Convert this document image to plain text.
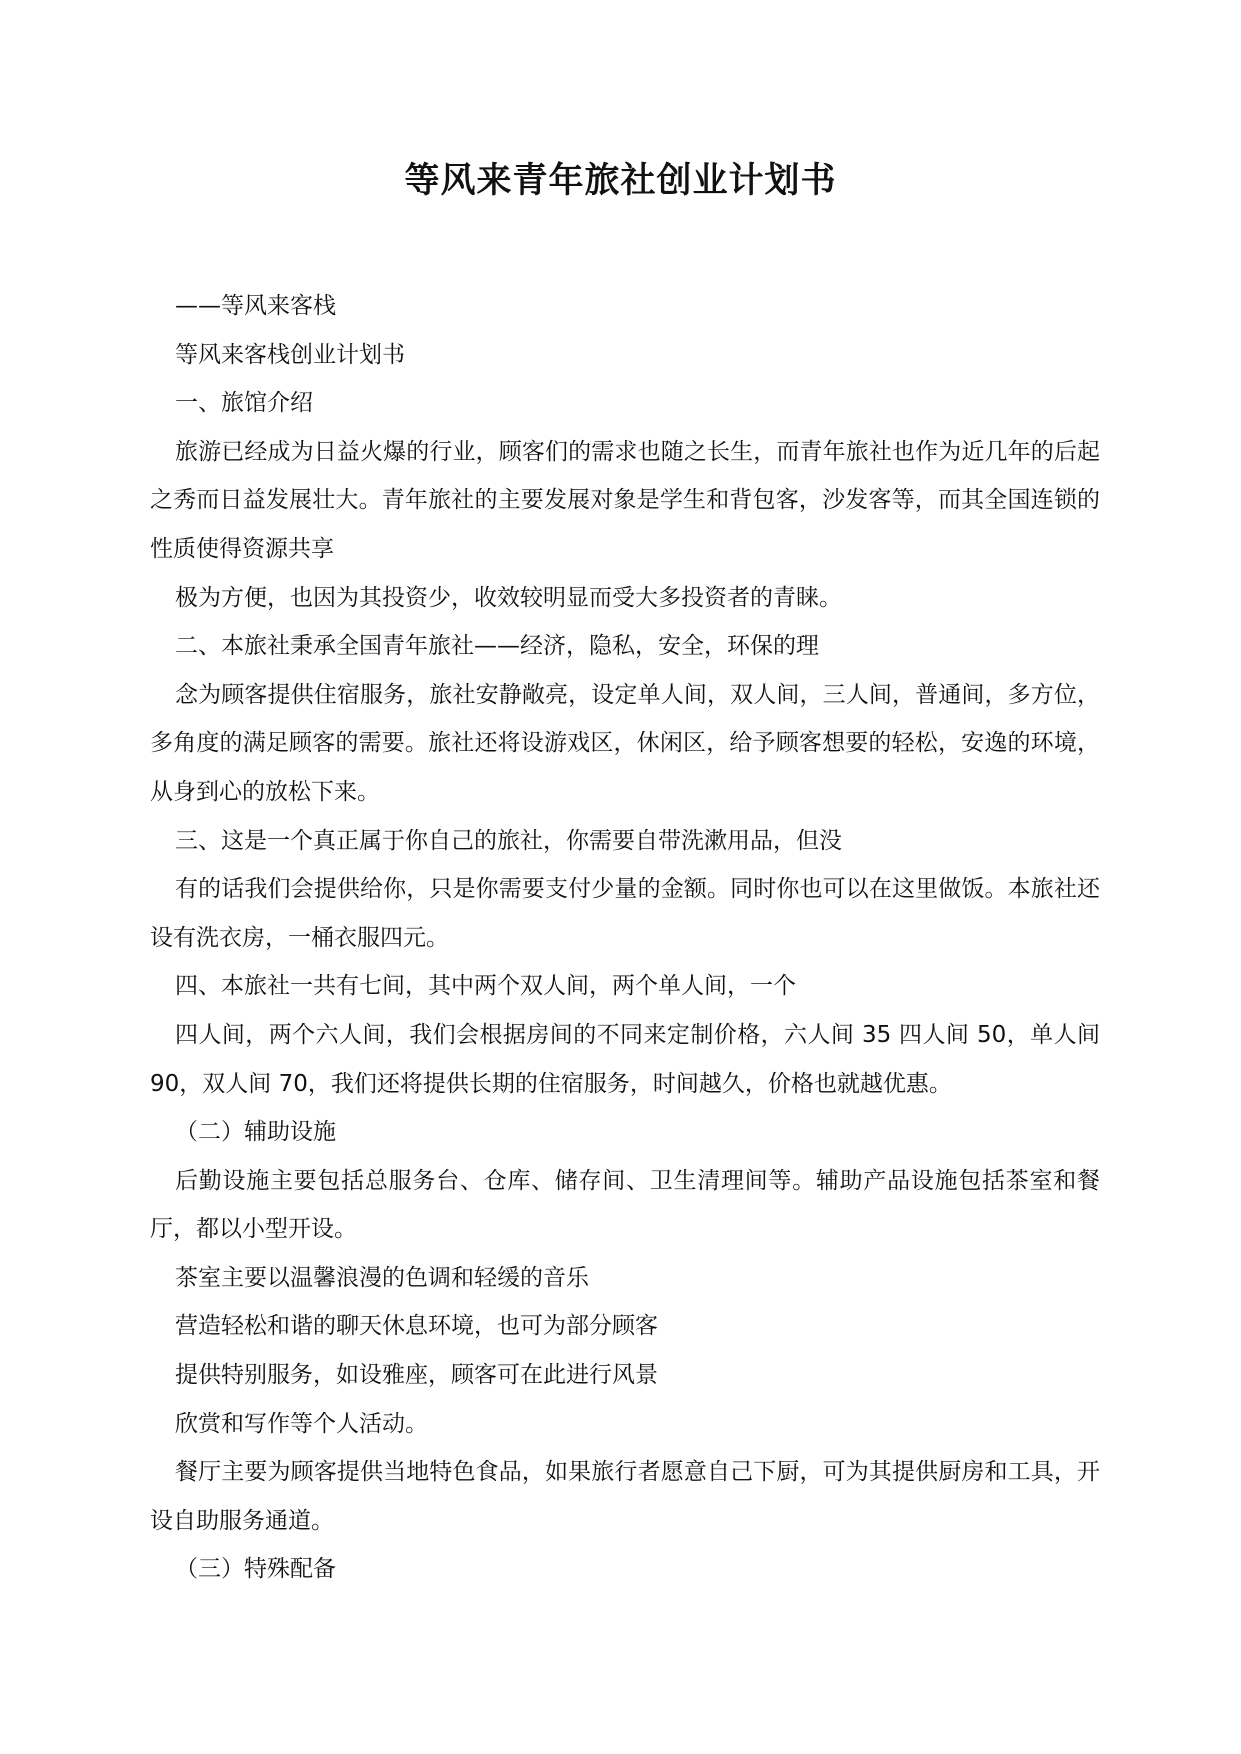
等风来青年旅社创业计划书

——等风来客栈

等风来客栈创业计划书

一、旅馆介绍

旅游已经成为日益火爆的行业，顾客们的需求也随之长生，而青年旅社也作为近几年的后起之秀而日益发展壮大。青年旅社的主要发展对象是学生和背包客，沙发客等，而其全国连锁的性质使得资源共享

极为方便，也因为其投资少，收效较明显而受大多投资者的青睐。

二、本旅社秉承全国青年旅社——经济，隐私，安全，环保的理

念为顾客提供住宿服务，旅社安静敞亮，设定单人间，双人间，三人间，普通间，多方位，多角度的满足顾客的需要。旅社还将设游戏区，休闲区，给予顾客想要的轻松，安逸的环境，从身到心的放松下来。

三、这是一个真正属于你自己的旅社，你需要自带洗漱用品，但没

有的话我们会提供给你，只是你需要支付少量的金额。同时你也可以在这里做饭。本旅社还设有洗衣房，一桶衣服四元。

四、本旅社一共有七间，其中两个双人间，两个单人间，一个

四人间，两个六人间，我们会根据房间的不同来定制价格，六人间 35 四人间 50，单人间 90，双人间 70，我们还将提供长期的住宿服务，时间越久，价格也就越优惠。

（二）辅助设施

后勤设施主要包括总服务台、仓库、储存间、卫生清理间等。辅助产品设施包括茶室和餐厅，都以小型开设。

茶室主要以温馨浪漫的色调和轻缓的音乐

营造轻松和谐的聊天休息环境，也可为部分顾客

提供特别服务，如设雅座，顾客可在此进行风景

欣赏和写作等个人活动。

餐厅主要为顾客提供当地特色食品，如果旅行者愿意自己下厨，可为其提供厨房和工具，开设自助服务通道。

（三）特殊配备
